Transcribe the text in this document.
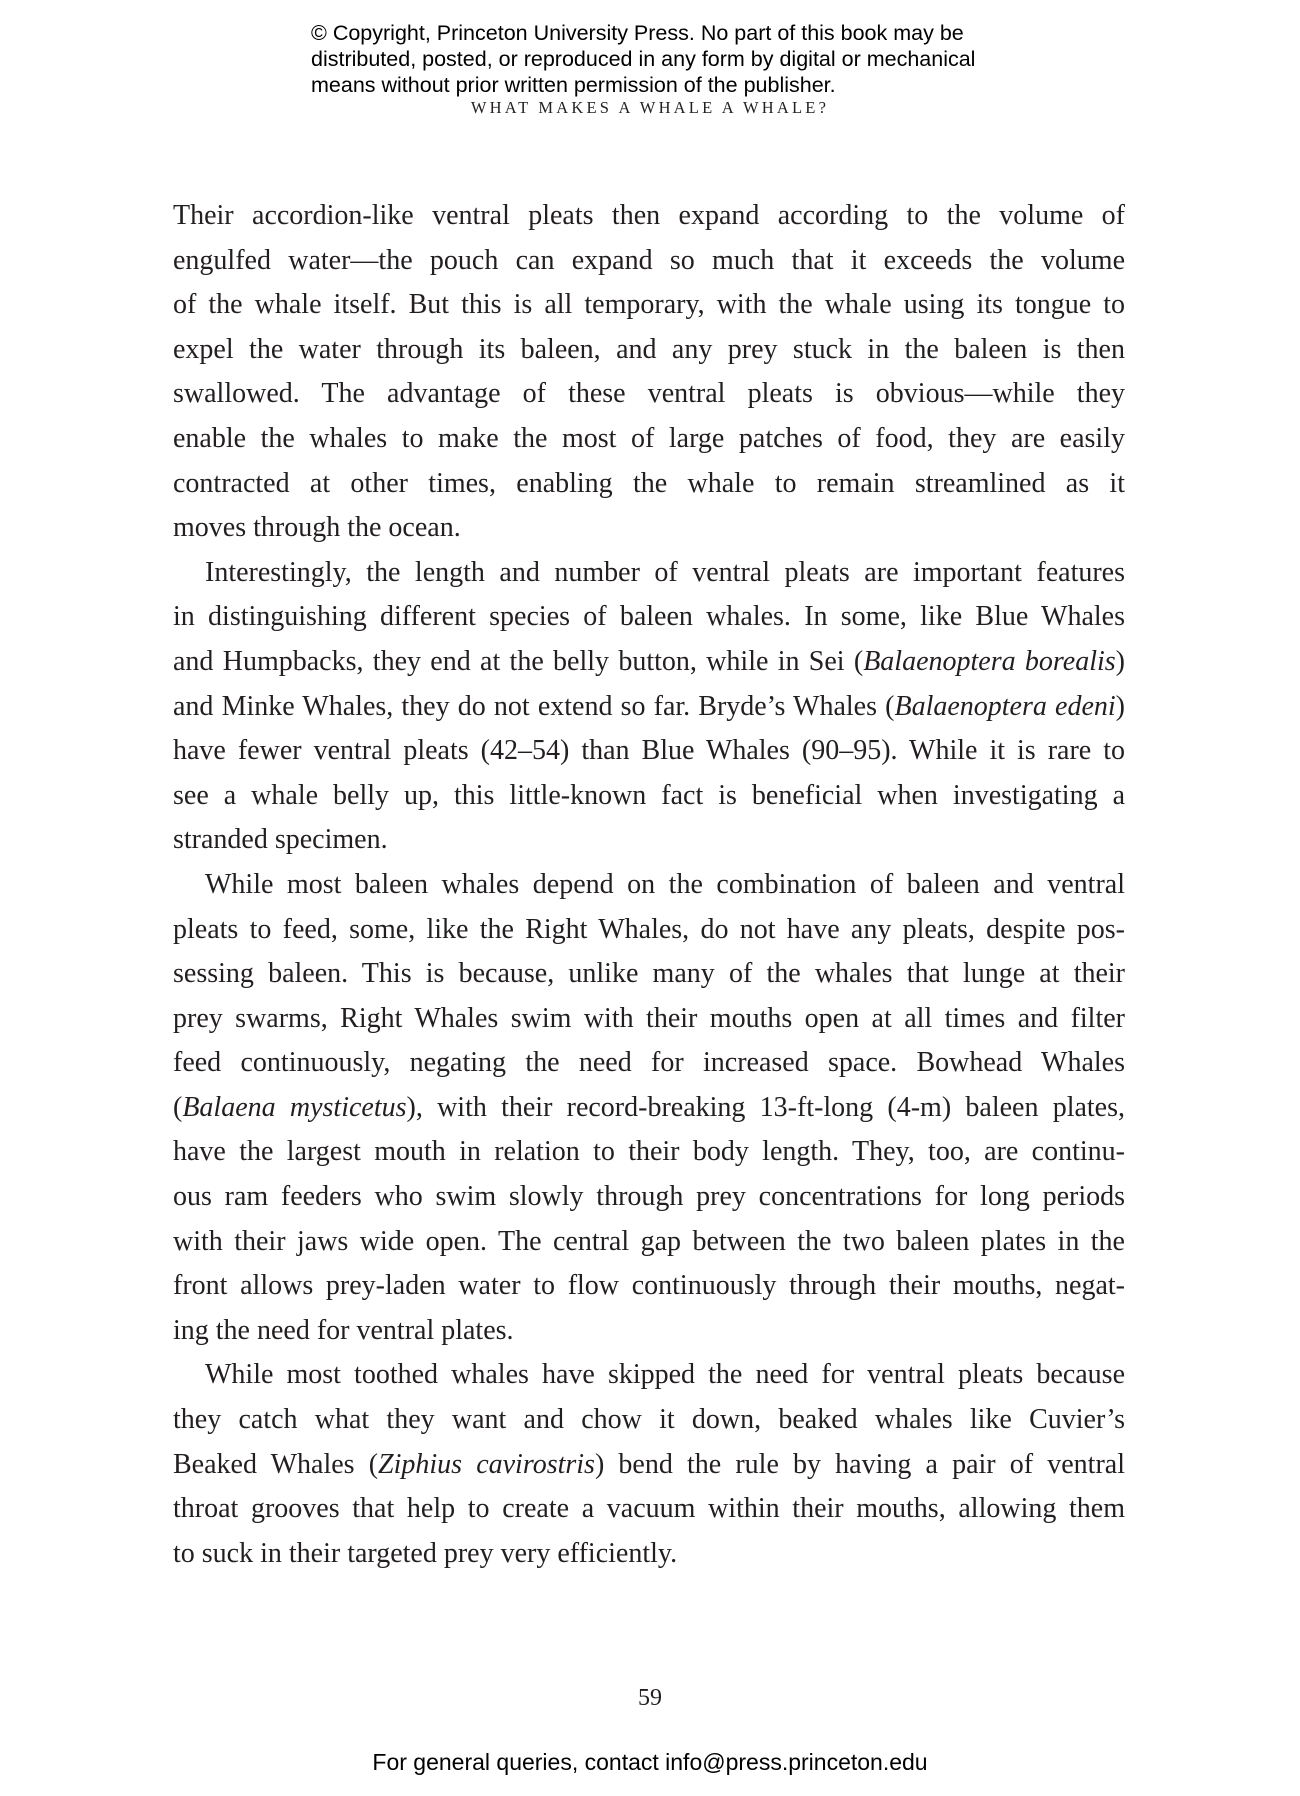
© Copyright, Princeton University Press. No part of this book may be
distributed, posted, or reproduced in any form by digital or mechanical
means without prior written permission of the publisher.
WHAT MAKES A WHALE A WHALE?

Their accordion-like ventral pleats then expand according to the volume of
engulfed water—the pouch can expand so much that it exceeds the volume
of the whale itself. But this is all temporary, with the whale using its tongue to
expel the water through its baleen, and any prey stuck in the baleen is then
swallowed. The advantage of these ventral pleats is obvious—while they
enable the whales to make the most of large patches of food, they are easily
contracted at other times, enabling the whale to remain streamlined as it
moves through the ocean.

Interestingly, the length and number of ventral pleats are important features
in distinguishing different species of baleen whales. In some, like Blue Whales
and Humpbacks, they end at the belly button, while in Sei (Balaenoptera borealis)
and Minke Whales, they do not extend so far. Bryde’s Whales (Balaenoptera edeni)
have fewer ventral pleats (42–54) than Blue Whales (90–95). While it is rare to
see a whale belly up, this little-known fact is beneficial when investigating a
stranded specimen.

While most baleen whales depend on the combination of baleen and ventral
pleats to feed, some, like the Right Whales, do not have any pleats, despite pos-
sessing baleen. This is because, unlike many of the whales that lunge at their
prey swarms, Right Whales swim with their mouths open at all times and filter
feed continuously, negating the need for increased space. Bowhead Whales
(Balaena mysticetus), with their record-breaking 13-ft-long (4-m) baleen plates,
have the largest mouth in relation to their body length. They, too, are continu-
ous ram feeders who swim slowly through prey concentrations for long periods
with their jaws wide open. The central gap between the two baleen plates in the
front allows prey-laden water to flow continuously through their mouths, negat-
ing the need for ventral plates.

While most toothed whales have skipped the need for ventral pleats because
they catch what they want and chow it down, beaked whales like Cuvier’s
Beaked Whales (Ziphius cavirostris) bend the rule by having a pair of ventral
throat grooves that help to create a vacuum within their mouths, allowing them
to suck in their targeted prey very efficiently.

59
For general queries, contact info@press.princeton.edu
